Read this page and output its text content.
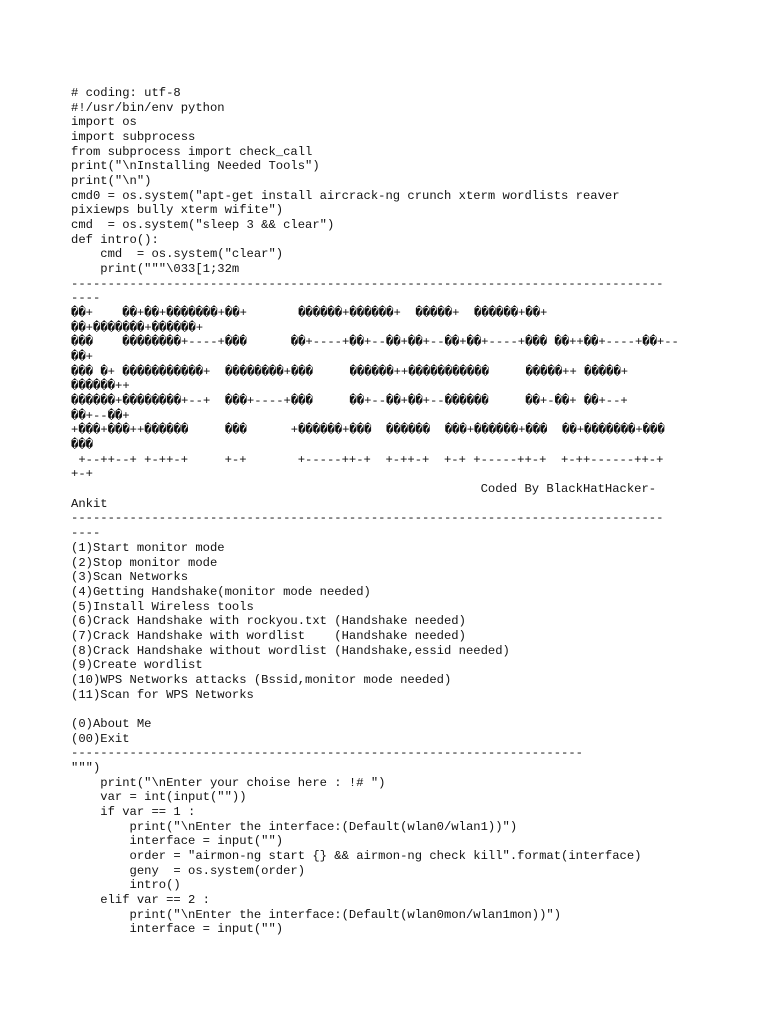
# coding: utf-8
#!/usr/bin/env python
import os
import subprocess
from subprocess import check_call
print("\nInstalling Needed Tools")
print("\n")
cmd0 = os.system("apt-get install aircrack-ng crunch xterm wordlists reaver
pixiewps bully xterm wifite")
cmd  = os.system("sleep 3 && clear")
def intro():
cmd  = os.system("clear")
print("""\033[1;32m
---------------------------------------------------------------------------------
----
��+    ��+��+�������+��+       ������+������+  �����+  ������+��+
��+�������+������+
���    ��������+----+���      ��+----+��+--��+��+--��+��+----+��� ��++��+----+��+--
��+
��� �+ �����������+  ��������+���     ������++�����������     �����++ �����+
������++
������+��������+--+  ���+----+���     ��+--��+��+--������     ��+-��+ ��+--+
��+--��+
+���+���++������     ���      +������+���  ������  ���+������+���  ��+�������+���
���
+--++--+ +-++-+     +-+       +-----++-+  +-++-+  +-+ +-----++-+  +-++------++-+
+-+
Coded By BlackHatHacker-
Ankit
---------------------------------------------------------------------------------
----
(1)Start monitor mode
(2)Stop monitor mode
(3)Scan Networks
(4)Getting Handshake(monitor mode needed)
(5)Install Wireless tools
(6)Crack Handshake with rockyou.txt (Handshake needed)
(7)Crack Handshake with wordlist    (Handshake needed)
(8)Crack Handshake without wordlist (Handshake,essid needed)
(9)Create wordlist
(10)WPS Networks attacks (Bssid,monitor mode needed)
(11)Scan for WPS Networks
(0)About Me
(00)Exit
----------------------------------------------------------------------
""")
print("\nEnter your choise here : !# ")
var = int(input(""))
if var == 1 :
print("\nEnter the interface:(Default(wlan0/wlan1))")
interface = input("")
order = "airmon-ng start {} && airmon-ng check kill".format(interface)
geny  = os.system(order)
intro()
elif var == 2 :
print("\nEnter the interface:(Default(wlan0mon/wlan1mon))")
interface = input("")
